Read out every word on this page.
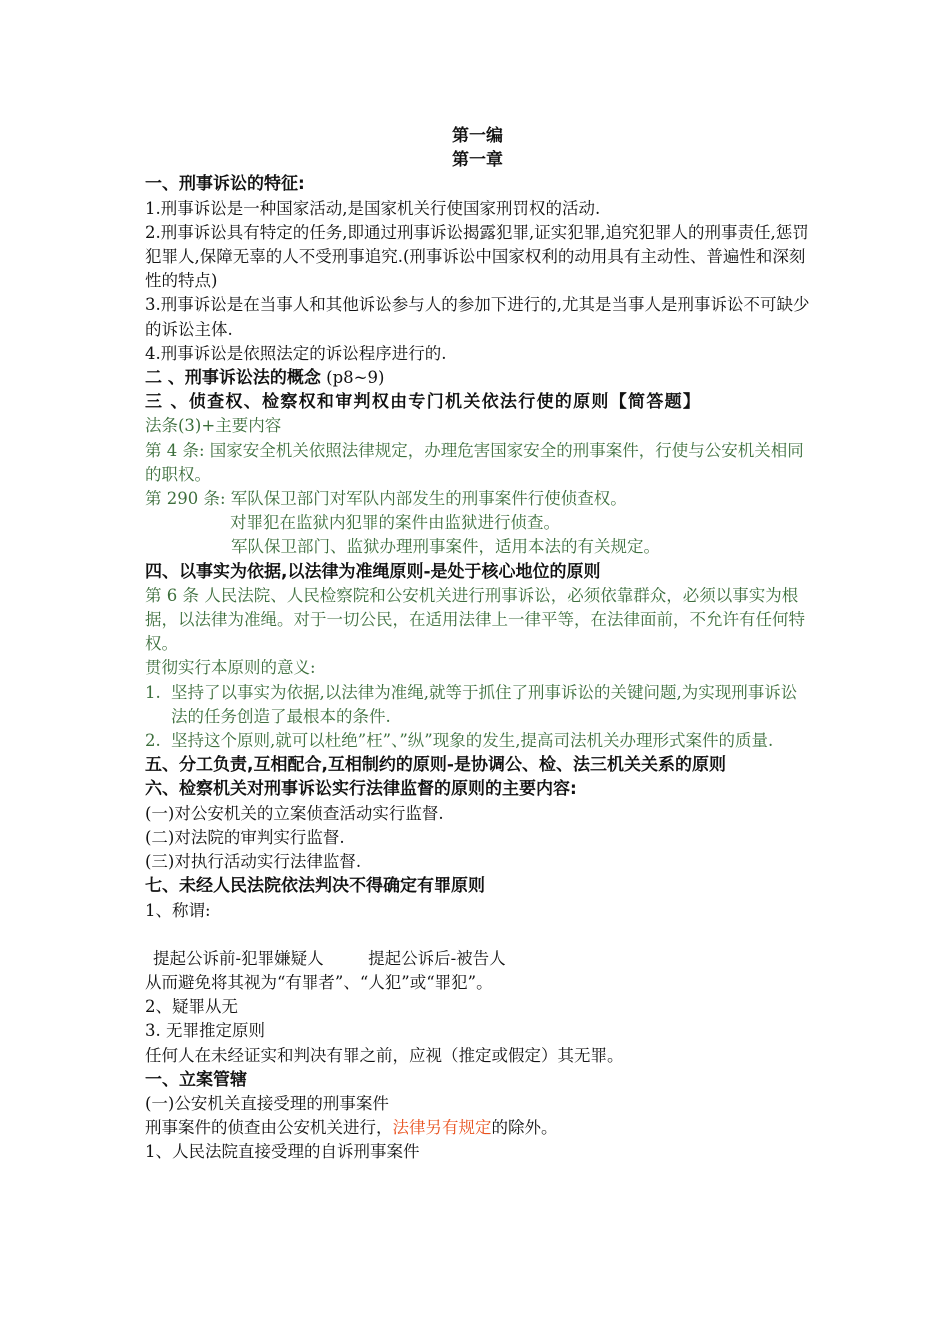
第一编
第一章
一、刑事诉讼的特征:

1.刑事诉讼是一种国家活动,是国家机关行使国家刑罚权的活动.

2.刑事诉讼具有特定的任务,即通过刑事诉讼揭露犯罪,证实犯罪,追究犯罪人的刑事责任,惩罚犯罪人,保障无辜的人不受刑事追究.(刑事诉讼中国家权利的动用具有主动性、普遍性和深刻性的特点)

3.刑事诉讼是在当事人和其他诉讼参与人的参加下进行的,尤其是当事人是刑事诉讼不可缺少的诉讼主体.

4.刑事诉讼是依照法定的诉讼程序进行的.

二 、刑事诉讼法的概念 (p8~9)
三 、侦查权、检察权和审判权由专门机关依法行使的原则【简答题】

法条(3)+主要内容

第 4 条: 国家安全机关依照法律规定，办理危害国家安全的刑事案件，行使与公安机关相同的职权。

第 290 条: 军队保卫部门对军队内部发生的刑事案件行使侦查权。

对罪犯在监狱内犯罪的案件由监狱进行侦查。

军队保卫部门、监狱办理刑事案件，适用本法的有关规定。

四、以事实为依据,以法律为准绳原则-是处于核心地位的原则

第 6 条 人民法院、人民检察院和公安机关进行刑事诉讼，必须依靠群众，必须以事实为根据，以法律为准绳。对于一切公民，在适用法律上一律平等，在法律面前，不允许有任何特权。

贯彻实行本原则的意义:

1. 坚持了以事实为依据,以法律为准绳,就等于抓住了刑事诉讼的关键问题,为实现刑事诉讼法的任务创造了最根本的条件.
2. 坚持这个原则,就可以杜绝”枉”、”纵”现象的发生,提高司法机关办理形式案件的质量.
五、分工负责,互相配合,互相制约的原则-是协调公、检、法三机关关系的原则
六、检察机关对刑事诉讼实行法律监督的原则的主要内容:

(一)对公安机关的立案侦查活动实行监督.

(二)对法院的审判实行监督.

(三)对执行活动实行法律监督.

七、未经人民法院依法判决不得确定有罪原则

1、称谓:

提起公诉前-犯罪嫌疑人	提起公诉后-被告人

从而避免将其视为“有罪者”、“人犯”或“罪犯”。

2、疑罪从无

3. 无罪推定原则

任何人在未经证实和判决有罪之前，应视（推定或假定）其无罪。

一、立案管辖

(一)公安机关直接受理的刑事案件

刑事案件的侦查由公安机关进行，法律另有规定的除外。

1、人民法院直接受理的自诉刑事案件
